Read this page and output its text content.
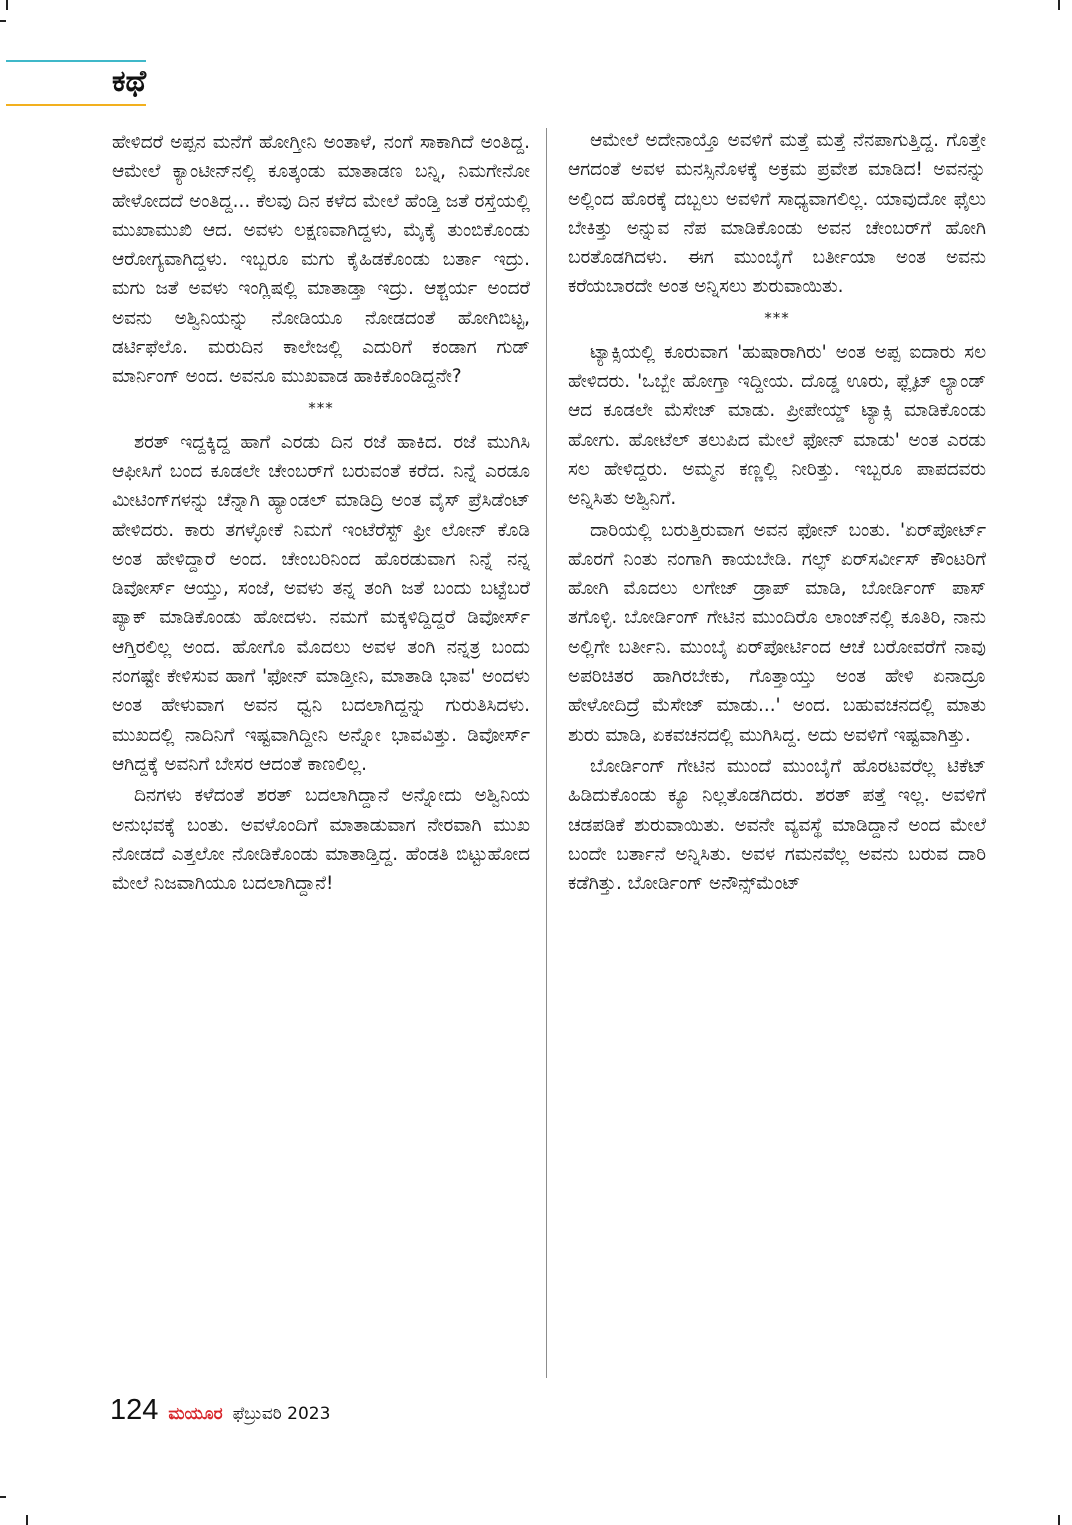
ಕಥೆ

ಹೇಳಿದರೆ ಅಪ್ಪನ ಮನೆಗೆ ಹೋಗ್ತೀನಿ ಅಂತಾಳೆ, ನಂಗೆ ಸಾಕಾಗಿದೆ ಅಂತಿದ್ದ. ಆಮೇಲೆ ಕ್ಯಾಂಟೀನ್‌ನಲ್ಲಿ ಕೂತ್ಕಂಡು ಮಾತಾಡಣ ಬನ್ನಿ, ನಿಮಗೇನೋ ಹೇಳೋದದೆ ಅಂತಿದ್ದ... ಕೆಲವು ದಿನ ಕಳೆದ ಮೇಲೆ ಹೆಂಡ್ತಿ ಜತೆ ರಸ್ತೆಯಲ್ಲಿ ಮುಖಾಮುಖಿ ಆದ. ಅವಳು ಲಕ್ಷಣವಾಗಿದ್ದಳು, ಮೈಕೈ ತುಂಬಿಕೊಂಡು ಆರೋಗ್ಯವಾಗಿದ್ದಳು. ಇಬ್ಬರೂ ಮಗು ಕೈಹಿಡಕೊಂಡು ಬರ್ತಾ ಇದ್ರು. ಮಗು ಜತೆ ಅವಳು ಇಂಗ್ಲಿಷಲ್ಲಿ ಮಾತಾಡ್ತಾ ಇದ್ರು. ಆಶ್ಚರ್ಯ ಅಂದರೆ ಅವನು ಅಶ್ವಿನಿಯನ್ನು ನೋಡಿಯೂ ನೋಡದಂತೆ ಹೋಗಿಬಿಟ್ಟ, ಡರ್ಟಿಫೆಲೊ. ಮರುದಿನ ಕಾಲೇಜಲ್ಲಿ ಎದುರಿಗೆ ಕಂಡಾಗ ಗುಡ್ ಮಾರ್ನಿಂಗ್ ಅಂದ. ಅವನೂ ಮುಖವಾಡ ಹಾಕಿಕೊಂಡಿದ್ದನೇ?

***

ಶರತ್ ಇದ್ದಕ್ಕಿದ್ದ ಹಾಗೆ ಎರಡು ದಿನ ರಜೆ ಹಾಕಿದ. ರಜೆ ಮುಗಿಸಿ ಆಫೀಸಿಗೆ ಬಂದ ಕೂಡಲೇ ಚೇಂಬರ್‌ಗೆ ಬರುವಂತೆ ಕರೆದ. ನಿನ್ನೆ ಎರಡೂ ಮೀಟಿಂಗ್‌ಗಳನ್ನು ಚೆನ್ನಾಗಿ ಹ್ಯಾಂಡಲ್ ಮಾಡಿದ್ರಿ ಅಂತ ವೈಸ್ ಪ್ರೆಸಿಡೆಂಟ್ ಹೇಳಿದರು. ಕಾರು ತಗಳ್ಳೋಕೆ ನಿಮಗೆ ಇಂಟೆರೆಸ್ಟ್ ಫ್ರೀ ಲೋನ್ ಕೊಡಿ ಅಂತ ಹೇಳಿದ್ದಾರೆ ಅಂದ. ಚೇಂಬರಿನಿಂದ ಹೊರಡುವಾಗ ನಿನ್ನೆ ನನ್ನ ಡಿವೋರ್ಸ್ ಆಯ್ತು, ಸಂಜೆ, ಅವಳು ತನ್ನ ತಂಗಿ ಜತೆ ಬಂದು ಬಟ್ಟೆಬರೆ ಪ್ಯಾಕ್ ಮಾಡಿಕೊಂಡು ಹೋದಳು. ನಮಗೆ ಮಕ್ಕಳಿದ್ದಿದ್ದರೆ ಡಿವೋರ್ಸ್ ಆಗ್ತಿರಲಿಲ್ಲ ಅಂದ. ಹೋಗೊ ಮೊದಲು ಅವಳ ತಂಗಿ ನನ್ನತ್ರ ಬಂದು ನಂಗಷ್ಟೇ ಕೇಳಿಸುವ ಹಾಗೆ 'ಫೋನ್ ಮಾಡ್ತೀನಿ, ಮಾತಾಡಿ ಭಾವ' ಅಂದಳು ಅಂತ ಹೇಳುವಾಗ ಅವನ ಧ್ವನಿ ಬದಲಾಗಿದ್ದನ್ನು ಗುರುತಿಸಿದಳು. ಮುಖದಲ್ಲಿ ನಾದಿನಿಗೆ ಇಷ್ಟವಾಗಿದ್ದೀನಿ ಅನ್ನೋ ಭಾವವಿತ್ತು. ಡಿವೋರ್ಸ್ ಆಗಿದ್ದಕ್ಕೆ ಅವನಿಗೆ ಬೇಸರ ಆದಂತೆ ಕಾಣಲಿಲ್ಲ.

ದಿನಗಳು ಕಳೆದಂತೆ ಶರತ್ ಬದಲಾಗಿದ್ದಾನೆ ಅನ್ನೋದು ಅಶ್ವಿನಿಯ ಅನುಭವಕ್ಕೆ ಬಂತು. ಅವಳೊಂದಿಗೆ ಮಾತಾಡುವಾಗ ನೇರವಾಗಿ ಮುಖ ನೋಡದೆ ಎತ್ತಲೋ ನೋಡಿಕೊಂಡು ಮಾತಾಡ್ತಿದ್ದ. ಹೆಂಡತಿ ಬಿಟ್ಟುಹೋದ ಮೇಲೆ ನಿಜವಾಗಿಯೂ ಬದಲಾಗಿದ್ದಾನೆ!

ಆಮೇಲೆ ಅದೇನಾಯ್ತೊ ಅವಳಿಗೆ ಮತ್ತೆ ಮತ್ತೆ ನೆನಪಾಗುತ್ತಿದ್ದ. ಗೊತ್ತೇ ಆಗದಂತೆ ಅವಳ ಮನಸ್ಸಿನೊಳಕ್ಕೆ ಅಕ್ರಮ ಪ್ರವೇಶ ಮಾಡಿದ! ಅವನನ್ನು ಅಲ್ಲಿಂದ ಹೊರಕ್ಕೆ ದಬ್ಬಲು ಅವಳಿಗೆ ಸಾಧ್ಯವಾಗಲಿಲ್ಲ. ಯಾವುದೋ ಫೈಲು ಬೇಕಿತ್ತು ಅನ್ನುವ ನೆಪ ಮಾಡಿಕೊಂಡು ಅವನ ಚೇಂಬರ್‌ಗೆ ಹೋಗಿ ಬರತೊಡಗಿದಳು. ಈಗ ಮುಂಬೈಗೆ ಬರ್ತೀಯಾ ಅಂತ ಅವನು ಕರೆಯಬಾರದೇ ಅಂತ ಅನ್ನಿಸಲು ಶುರುವಾಯಿತು.

***

ಟ್ಯಾಕ್ಸಿಯಲ್ಲಿ ಕೂರುವಾಗ 'ಹುಷಾರಾಗಿರು' ಅಂತ ಅಪ್ಪ ಐದಾರು ಸಲ ಹೇಳಿದರು. 'ಒಬ್ಬೇ ಹೋಗ್ತಾ ಇದ್ದೀಯ. ದೊಡ್ಡ ಊರು, ಫ್ಲೈಟ್ ಲ್ಯಾಂಡ್ ಆದ ಕೂಡಲೇ ಮೆಸೇಜ್ ಮಾಡು. ಪ್ರೀಪೇಯ್ಡ್ ಟ್ಯಾಕ್ಸಿ ಮಾಡಿಕೊಂಡು ಹೋಗು. ಹೋಟೆಲ್ ತಲುಪಿದ ಮೇಲೆ ಫೋನ್ ಮಾಡು' ಅಂತ ಎರಡು ಸಲ ಹೇಳಿದ್ದರು. ಅಮ್ಮನ ಕಣ್ಣಲ್ಲಿ ನೀರಿತ್ತು. ಇಬ್ಬರೂ ಪಾಪದವರು ಅನ್ನಿಸಿತು ಅಶ್ವಿನಿಗೆ.

ದಾರಿಯಲ್ಲಿ ಬರುತ್ತಿರುವಾಗ ಅವನ ಫೋನ್ ಬಂತು. 'ಏರ್‌ಪೋರ್ಟ್ ಹೊರಗೆ ನಿಂತು ನಂಗಾಗಿ ಕಾಯಬೇಡಿ. ಗಲ್ಫ್ ಏರ್‌ಸರ್ವೀಸ್ ಕೌಂಟರಿಗೆ ಹೋಗಿ ಮೊದಲು ಲಗೇಜ್ ಡ್ರಾಪ್ ಮಾಡಿ, ಬೋರ್ಡಿಂಗ್ ಪಾಸ್ ತಗೊಳ್ಳಿ. ಬೋರ್ಡಿಂಗ್ ಗೇಟಿನ ಮುಂದಿರೊ ಲಾಂಜ್‌ನಲ್ಲಿ ಕೂತಿರಿ, ನಾನು ಅಲ್ಲಿಗೇ ಬರ್ತೀನಿ. ಮುಂಬೈ ಏರ್‌ಪೋರ್ಟಿಂದ ಆಚೆ ಬರೋವರೆಗೆ ನಾವು ಅಪರಿಚಿತರ ಹಾಗಿರಬೇಕು, ಗೊತ್ತಾಯ್ತು ಅಂತ ಹೇಳಿ ಏನಾದ್ರೂ ಹೇಳೋದಿದ್ರೆ ಮೆಸೇಜ್ ಮಾಡು...' ಅಂದ. ಬಹುವಚನದಲ್ಲಿ ಮಾತು ಶುರು ಮಾಡಿ, ಏಕವಚನದಲ್ಲಿ ಮುಗಿಸಿದ್ದ. ಅದು ಅವಳಿಗೆ ಇಷ್ಟವಾಗಿತ್ತು.

ಬೋರ್ಡಿಂಗ್ ಗೇಟಿನ ಮುಂದೆ ಮುಂಬೈಗೆ ಹೊರಟವರೆಲ್ಲ ಟಿಕೆಟ್ ಹಿಡಿದುಕೊಂಡು ಕ್ಯೂ ನಿಲ್ಲತೊಡಗಿದರು. ಶರತ್ ಪತ್ತೆ ಇಲ್ಲ. ಅವಳಿಗೆ ಚಡಪಡಿಕೆ ಶುರುವಾಯಿತು. ಅವನೇ ವ್ಯವಸ್ಥೆ ಮಾಡಿದ್ದಾನೆ ಅಂದ ಮೇಲೆ ಬಂದೇ ಬರ್ತಾನೆ ಅನ್ನಿಸಿತು. ಅವಳ ಗಮನವೆಲ್ಲ ಅವನು ಬರುವ ದಾರಿ ಕಡೆಗಿತ್ತು. ಬೋರ್ಡಿಂಗ್ ಅನೌನ್ಸ್‌ಮೆಂಟ್

124 ಮಯೂರ ಫೆಬ್ರುವರಿ 2023
